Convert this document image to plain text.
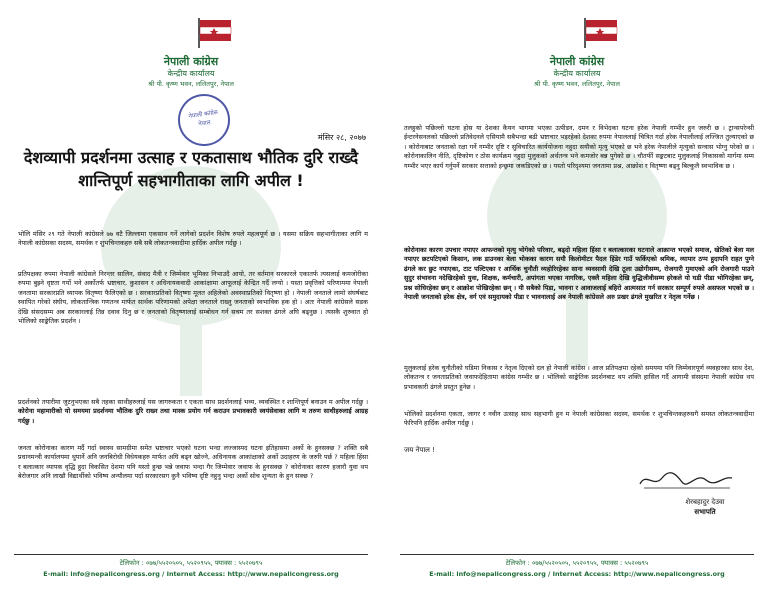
नेपाली कांग्रेस
केन्द्रीय कार्यालय
श्री पी. कृष्ण भवन, ललितपुर, नेपाल
नेपाली कांग्रेस
नेपाल
मंसिर २८, २०७७
देशव्यापी प्रदर्शनमा उत्साह र एकतासाथ भौतिक दुरि राख्दै शान्तिपूर्ण सहभागीताका लागि अपील !
भोलि मंसिर २९ गते नेपाली कांग्रेसले ७७ वटै जिल्लामा एकसाथ गर्ने लागेको प्रदर्शन विशेष रुपले महत्वपूर्ण छ । यसमा सक्रिय सहभागीताका लागि म नेपाली कांग्रेसका सदस्य, समर्थक र शुभचिन्तकहरु सबै सबै लोकतन्त्रवादीमा हार्दिक अपील गर्दछु ।
प्रतिपक्षका रुपमा नेपाली कांग्रेसले निरन्तर सालिन, संवाद मैत्री र जिम्मेवार भूमिका निभाउदै आयो, तर वर्तमान सरकारले एकातर्फ त्यसलाई कमजोरीका रुपमा बुझ्ने धृष्टता गर्यो भने अर्कोतर्फ भ्रष्टाचार, कुशासन र अधिनायकवादी आकांक्षामा आफूलाई केन्द्रित गर्दै लग्यो । यस्ता प्रवृत्तिको परिणाममा नेपाली जनतामा सरकारप्रति व्यापक वितृष्णा फैलिएको छ । सरकारप्रतिको वितृष्णा मूलत अहिलेको अवस्थाप्रतिको वितृष्णा हो । नेपाली जनताले लामो संघर्षबाट स्थापित गरेको संघीय, लोकतान्त्रिक गणतन्त्र मार्फत सार्थक परिणामको अपेक्षा जनताले राख्नु जनताको स्वभाविक हक हो । अतः नेपाली कांग्रेसले सडक देखि संसदसम्म अब सरकारलाई तिव्र दवाव दिनु छ र जनताको वितृष्णालाई सम्बोधन गर्न सचम तर सशक्त ढंगले अघि बढ्नुछ । त्यसकै शुरुवात हो भोलिको साङ्केतिक प्रदर्शन ।
प्रदर्शनको तयारीमा जुटनुभएका सबै तहका साथीहरुलाई यस जागरुकता र एकता साथ प्रदर्शनलाई भव्य, व्यवस्थित र शान्तिपूर्ण बनाउन म अपील गर्दछु । कोरोना महामारीको यो समयमा प्रदर्शनमा भौतिक दुरि राख्न तथा मास्क प्रयोग गर्न कराउन प्रभावकारी स्वयंसेवाका लागि म तरुण साथीहरुलाई आग्रह गर्दछु ।
जनता कोरोनाका कारण मर्दै गर्दा स्वास्थ सामग्रीमा समेत भ्रष्टाचार भएको घटना भन्दा लज्जास्पद घटना इतिहासमा अर्को के हुनसक्छ ? शक्ति सबै प्रधानमन्त्री कार्यालयमा थुपार्ने अनि जनबिरोधी विधेयकहरु मार्फत अघि बढ्न खोज्ने, अधिनायक आकांक्षाको अर्को उदाहरण के जरुरि पर्छ ? महिला हिंसा र बलात्कार व्यापक वृद्धि हुदा विकसित देशमा पनि यस्तो हुन्छ भन्ने जवाफ भन्दा गैर जिम्मेवार जवाफ के हुनसक्छ ? कोरोनाका कारण हजारौ युवा थप बेरोजगार अनि लाखौ विद्यार्थीको भविष्य अन्यौलमा पर्दा सरकारसग कुनै भविष्य दृष्टि नहुनु भन्दा अर्को सोच शून्यता के हुन सक्छ ?
टेलिफोन : ०७७/५५२०५०५, ५५२०९५५, फ्याक्स : ५५२०७९५
E-mail: info@nepalicongress.org / Internet Access: http://www.nepalicongress.org
नेपाली कांग्रेस
केन्द्रीय कार्यालय
श्री पी. कृष्ण भवन, ललितपुर, नेपाल
तलहुको पछिल्लो घटना होस या देशका कैयन भागमा भएका उत्पीडन, दमन र विभेदका घटना हरेक नेपाली गम्भीर हुन जरुरी छ । ट्रान्सपरेन्सी ईन्टरनेसनलको पछिल्लो प्रतिवेदनले एसियामै सबैभन्दा बढी भ्रष्टाचार भइरहेको देशका रुपमा नेपाललाई चित्रित गर्दा हरेक नेपालीलाई लज्जित तुल्याएको छ । कोरोनाबाट जनताको रक्षा गर्ने गम्भीर दृष्टि र सुविचारित कार्ययोजना नहुदा सयौको मृत्यु भएको छ भने हरेक नेपालीले मृत्युको सन्त्रास भोग्नु परेको छ । कोरोनाकालिन नीति, दृष्टिकोण र ठोस कार्यक्रम नहुदा मुलुकको अर्थतन्त्र भने कमजोर बन्न पुगेको छ । चौतर्फी सङ्कटबाट मुलुकलाई निकासको मार्गमा सम्म गम्भीर भएर कार्य गर्नुपर्ने सरकार सत्ताको इन्छ्रमा जकडिएको छ । यस्तो परिदृश्यमा जनतामा प्रश्न, आक्रोश र वितृष्णा बढ्नु बिल्कुलै स्वभाविक छ ।
कोरोनाका कारण उपचार नपाएर आफन्तको मृत्यु भोगेको परिवार, बढ्दो महिला हिंसा र बलात्कारका घटनाले आक्रान्त भएको समाज, खेतिको बेला मल नपाएर छटपटिएको किसान, लक डाउनका बेला भोकका कारण सयौ किलोमीटर पैदल हिंडेर गाउँ फर्किएको श्रमिक, व्यापार ठप्प हुदापनि राहत पुग्ने ढंगले कर छुट नपाएका, टाट पल्टिएका र आर्थिक चुनौती व्यहोरिरहेका साना व्यवसायी देखि ठूला उद्योगीसम्म, रोजगारी गुमाएको अनि रोजगारी पाउने सुदुर संभावना नदेखिरहेको युवा, शिक्षक, कर्मचारी, अपांगता भएका नागरिक, एक्लै महिला देखि वुद्धिजीवीसम्म हरेकले यो घडी पीडा भोगिरहेका छन्, प्रश्न सोधिरहेका छन् र आक्रोश पोखिरहेका छन् । यी सबैको पिडा, भावना र आवाजलाई बहिरो आत्मसात गर्न सरकार सम्पूर्ण रुपले असफल भएको छ । नेपाली जनताको हरेक क्षेत्र, वर्ग एवं समुदायको पीडा र भावनालाई अब नेपाली कांग्रेसले अरु प्रखर ढंगले मुखरित र नेतृत्व गर्नेछ ।
मुलुकलाई हरेक चुनौतीको घडिमा निकास र नेतृत्व दिएको दल हो नेपाली कांग्रेस । आज प्रतिपक्षमा रहेको समयमा पनि जिम्मेवारपूर्ण व्यवहारका साथ देश, लोकतन्त्र र जनताप्रतिको जवाफदेहितामा कांग्रेस गम्भीर छ । भोलिको साङ्केतिक प्रदर्शनबाट थप शक्ति हासिल गर्दै आगामी संसदमा नेपाली कांग्रेस थप प्रभावकारी ढंगले प्रस्तुत हुनेछ ।
भोलिको प्रदर्शनमा एकता, जागर र नवीन उत्साह साथ सहभागी हुन म नेपाली कांग्रेसका सदस्य, समर्थक र शुभचिन्तकहरुसगै समस्त लोकतन्त्रवादीमा फेरिपनि हार्दिक अपील गर्दछु ।
जय नेपाल !
शेरबहादुर देउवा
सभापति
टेलिफोन : ०७७/५५२०५०५, ५५२०९५५, फ्याक्स : ५५२०७९५
E-mail: info@nepalicongress.org / Internet Access: http://www.nepalicongress.org
